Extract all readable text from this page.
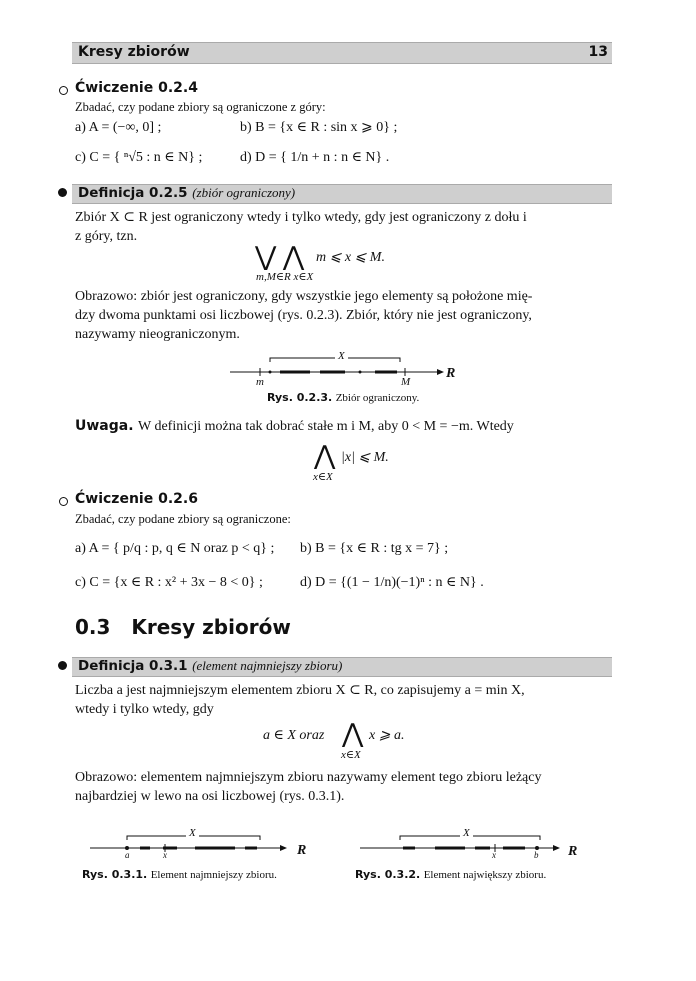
Kresy zbiorów	13
Ćwiczenie 0.2.4
Zbadać, czy podane zbiory są ograniczone z góry:
a) A = (−∞, 0] ;	b) B = {x ∈ R : sin x ⩾ 0} ;
c) C = { ⁿ√5 : n ∈ N} ;	d) D = { 1/n + n : n ∈ N} .
Definicja 0.2.5 (zbiór ograniczony)
Zbiór X ⊂ R jest ograniczony wtedy i tylko wtedy, gdy jest ograniczony z dołu i
z góry, tzn.
⋁ ⋀ m ⩽ x ⩽ M.
m,M∈R x∈X
Obrazowo: zbiór jest ograniczony, gdy wszystkie jego elementy są położone mię-
dzy dwoma punktami osi liczbowej (rys. 0.2.3). Zbiór, który nie jest ograniczony,
nazywamy nieograniczonym.
X
m	M
R
Rys. 0.2.3. Zbiór ograniczony.
Uwaga. W definicji można tak dobrać stałe m i M, aby 0 < M = −m. Wtedy
⋀ |x| ⩽ M.
x∈X
Ćwiczenie 0.2.6
Zbadać, czy podane zbiory są ograniczone:
a) A = { p/q : p, q ∈ N oraz p < q} ; b) B = {x ∈ R : tg x = 7} ;
c) C = {x ∈ R : x² + 3x − 8 < 0} ;	d) D = {(1 − 1/n)(−1)ⁿ : n ∈ N} .
0.3 Kresy zbiorów
Definicja 0.3.1 (element najmniejszy zbioru)
Liczba a jest najmniejszym elementem zbioru X ⊂ R, co zapisujemy a = min X,
wtedy i tylko wtedy, gdy
a ∈ X oraz ⋀ x ⩾ a.
x∈X
Obrazowo: elementem najmniejszym zbioru nazywamy element tego zbioru leżący
najbardziej w lewo na osi liczbowej (rys. 0.3.1).
X
a	x	R
Rys. 0.3.1. Element najmniejszy zbioru.
X
x	b R
Rys. 0.3.2. Element największy zbioru.
